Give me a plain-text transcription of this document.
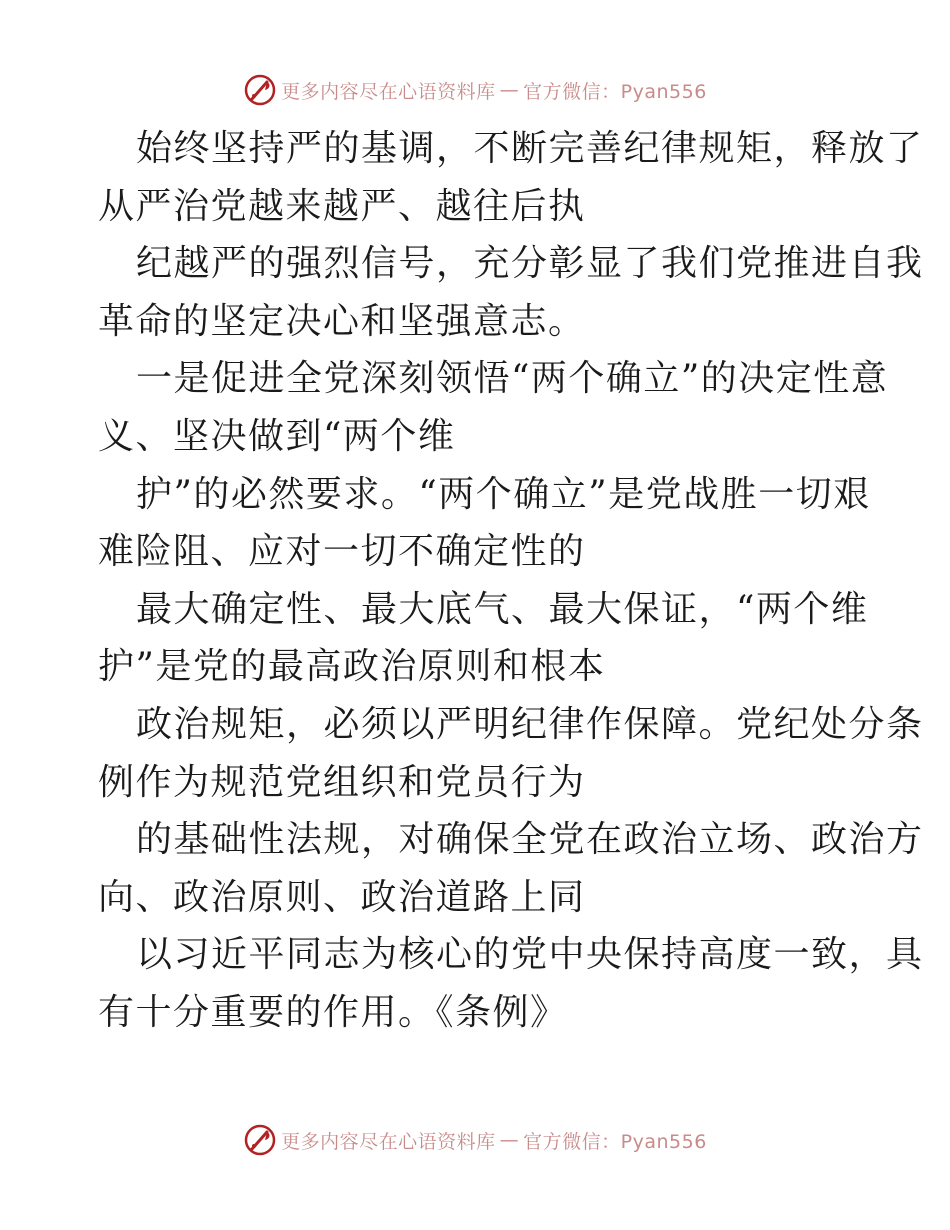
更多内容尽在心语资料库 — 官方微信：Pyan556
始终坚持严的基调，不断完善纪律规矩，释放了
从严治党越来越严、越往后执
纪越严的强烈信号，充分彰显了我们党推进自我
革命的坚定决心和坚强意志。
一是促进全党深刻领悟“两个确立”的决定性意
义、坚决做到“两个维
护”的必然要求。“两个确立”是党战胜一切艰
难险阻、应对一切不确定性的
最大确定性、最大底气、最大保证，“两个维
护”是党的最高政治原则和根本
政治规矩，必须以严明纪律作保障。党纪处分条
例作为规范党组织和党员行为
的基础性法规，对确保全党在政治立场、政治方
向、政治原则、政治道路上同
以习近平同志为核心的党中央保持高度一致，具
有十分重要的作用。《条例》
更多内容尽在心语资料库 — 官方微信：Pyan556
